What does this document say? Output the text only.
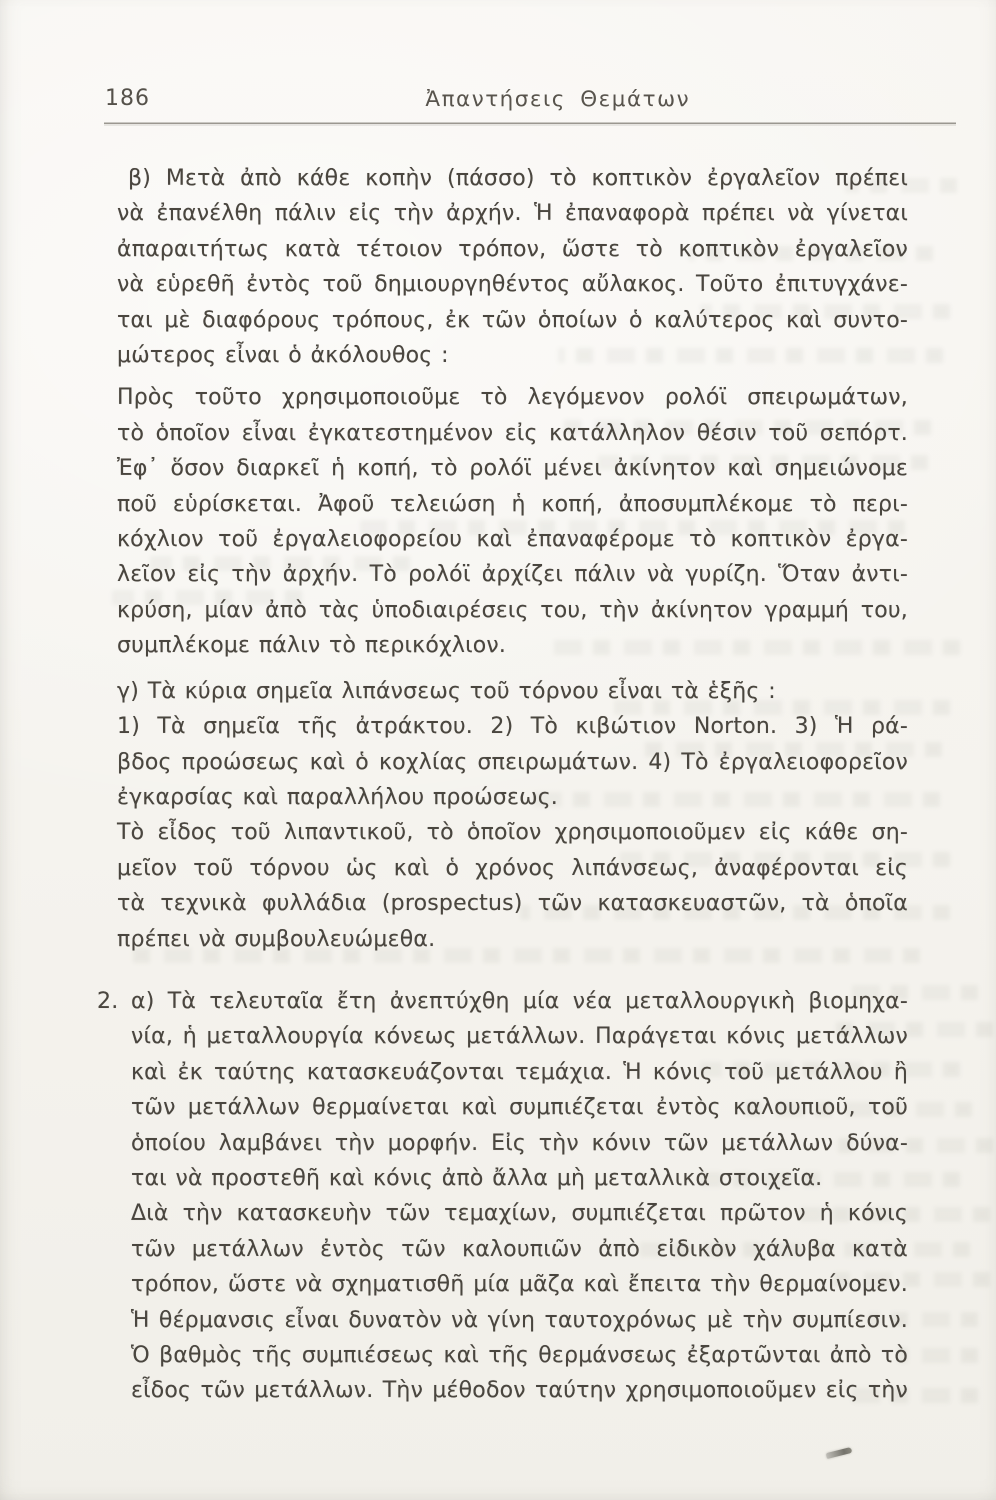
186	Ἀπαντήσεις Θεμάτων
β) Μετὰ ἀπὸ κάθε κοπὴν (πάσσο) τὸ κοπτικὸν ἐργαλεῖον πρέπει
νὰ ἐπανέλθη πάλιν εἰς τὴν ἀρχήν. Ἡ ἐπαναφορὰ πρέπει νὰ γίνεται
ἀπαραιτήτως κατὰ τέτοιον τρόπον, ὥστε τὸ κοπτικὸν ἐργαλεῖον
νὰ εὑρεθῆ ἐντὸς τοῦ δημιουργηθέντος αὔλακος. Τοῦτο ἐπιτυγχάνε-
ται μὲ διαφόρους τρόπους, ἐκ τῶν ὁποίων ὁ καλύτερος καὶ συντο-
μώτερος εἶναι ὁ ἀκόλουθος :
Πρὸς τοῦτο χρησιμοποιοῦμε τὸ λεγόμενον ρολόϊ σπειρωμάτων,
τὸ ὁποῖον εἶναι ἐγκατεστημένον εἰς κατάλληλον θέσιν τοῦ σεπόρτ.
Ἐφ᾽ ὅσον διαρκεῖ ἡ κοπή, τὸ ρολόϊ μένει ἀκίνητον καὶ σημειώνομε
ποῦ εὑρίσκεται. Ἀφοῦ τελειώση ἡ κοπή, ἀποσυμπλέκομε τὸ περι-
κόχλιον τοῦ ἐργαλειοφορείου καὶ ἐπαναφέρομε τὸ κοπτικὸν ἐργα-
λεῖον εἰς τὴν ἀρχήν. Τὸ ρολόϊ ἀρχίζει πάλιν νὰ γυρίζη. Ὅταν ἀντι-
κρύση, μίαν ἀπὸ τὰς ὑποδιαιρέσεις του, τὴν ἀκίνητον γραμμή του,
συμπλέκομε πάλιν τὸ περικόχλιον.
γ) Τὰ κύρια σημεῖα λιπάνσεως τοῦ τόρνου εἶναι τὰ ἑξῆς :
1) Τὰ σημεῖα τῆς ἀτράκτου. 2) Τὸ κιβώτιον Norton. 3) Ἡ ρά-
βδος προώσεως καὶ ὁ κοχλίας σπειρωμάτων. 4) Τὸ ἐργαλειοφορεῖον
ἐγκαρσίας καὶ παραλλήλου προώσεως.
Τὸ εἶδος τοῦ λιπαντικοῦ, τὸ ὁποῖον χρησιμοποιοῦμεν εἰς κάθε ση-
μεῖον τοῦ τόρνου ὡς καὶ ὁ χρόνος λιπάνσεως, ἀναφέρονται εἰς
τὰ τεχνικὰ φυλλάδια (prospectus) τῶν κατασκευαστῶν, τὰ ὁποῖα
πρέπει νὰ συμβουλευώμεθα.
2. α) Τὰ τελευταῖα ἔτη ἀνεπτύχθη μία νέα μεταλλουργικὴ βιομηχα-
νία, ἡ μεταλλουργία κόνεως μετάλλων. Παράγεται κόνις μετάλλων
καὶ ἐκ ταύτης κατασκευάζονται τεμάχια. Ἡ κόνις τοῦ μετάλλου ἢ
τῶν μετάλλων θερμαίνεται καὶ συμπιέζεται ἐντὸς καλουπιοῦ, τοῦ
ὁποίου λαμβάνει τὴν μορφήν. Εἰς τὴν κόνιν τῶν μετάλλων δύνα-
ται νὰ προστεθῆ καὶ κόνις ἀπὸ ἄλλα μὴ μεταλλικὰ στοιχεῖα.
Διὰ τὴν κατασκευὴν τῶν τεμαχίων, συμπιέζεται πρῶτον ἡ κόνις
τῶν μετάλλων ἐντὸς τῶν καλουπιῶν ἀπὸ εἰδικὸν χάλυβα κατὰ
τρόπον, ὥστε νὰ σχηματισθῆ μία μᾶζα καὶ ἔπειτα τὴν θερμαίνομεν.
Ἡ θέρμανσις εἶναι δυνατὸν νὰ γίνη ταυτοχρόνως μὲ τὴν συμπίεσιν.
Ὁ βαθμὸς τῆς συμπιέσεως καὶ τῆς θερμάνσεως ἐξαρτῶνται ἀπὸ τὸ
εἶδος τῶν μετάλλων. Τὴν μέθοδον ταύτην χρησιμοποιοῦμεν εἰς τὴν
